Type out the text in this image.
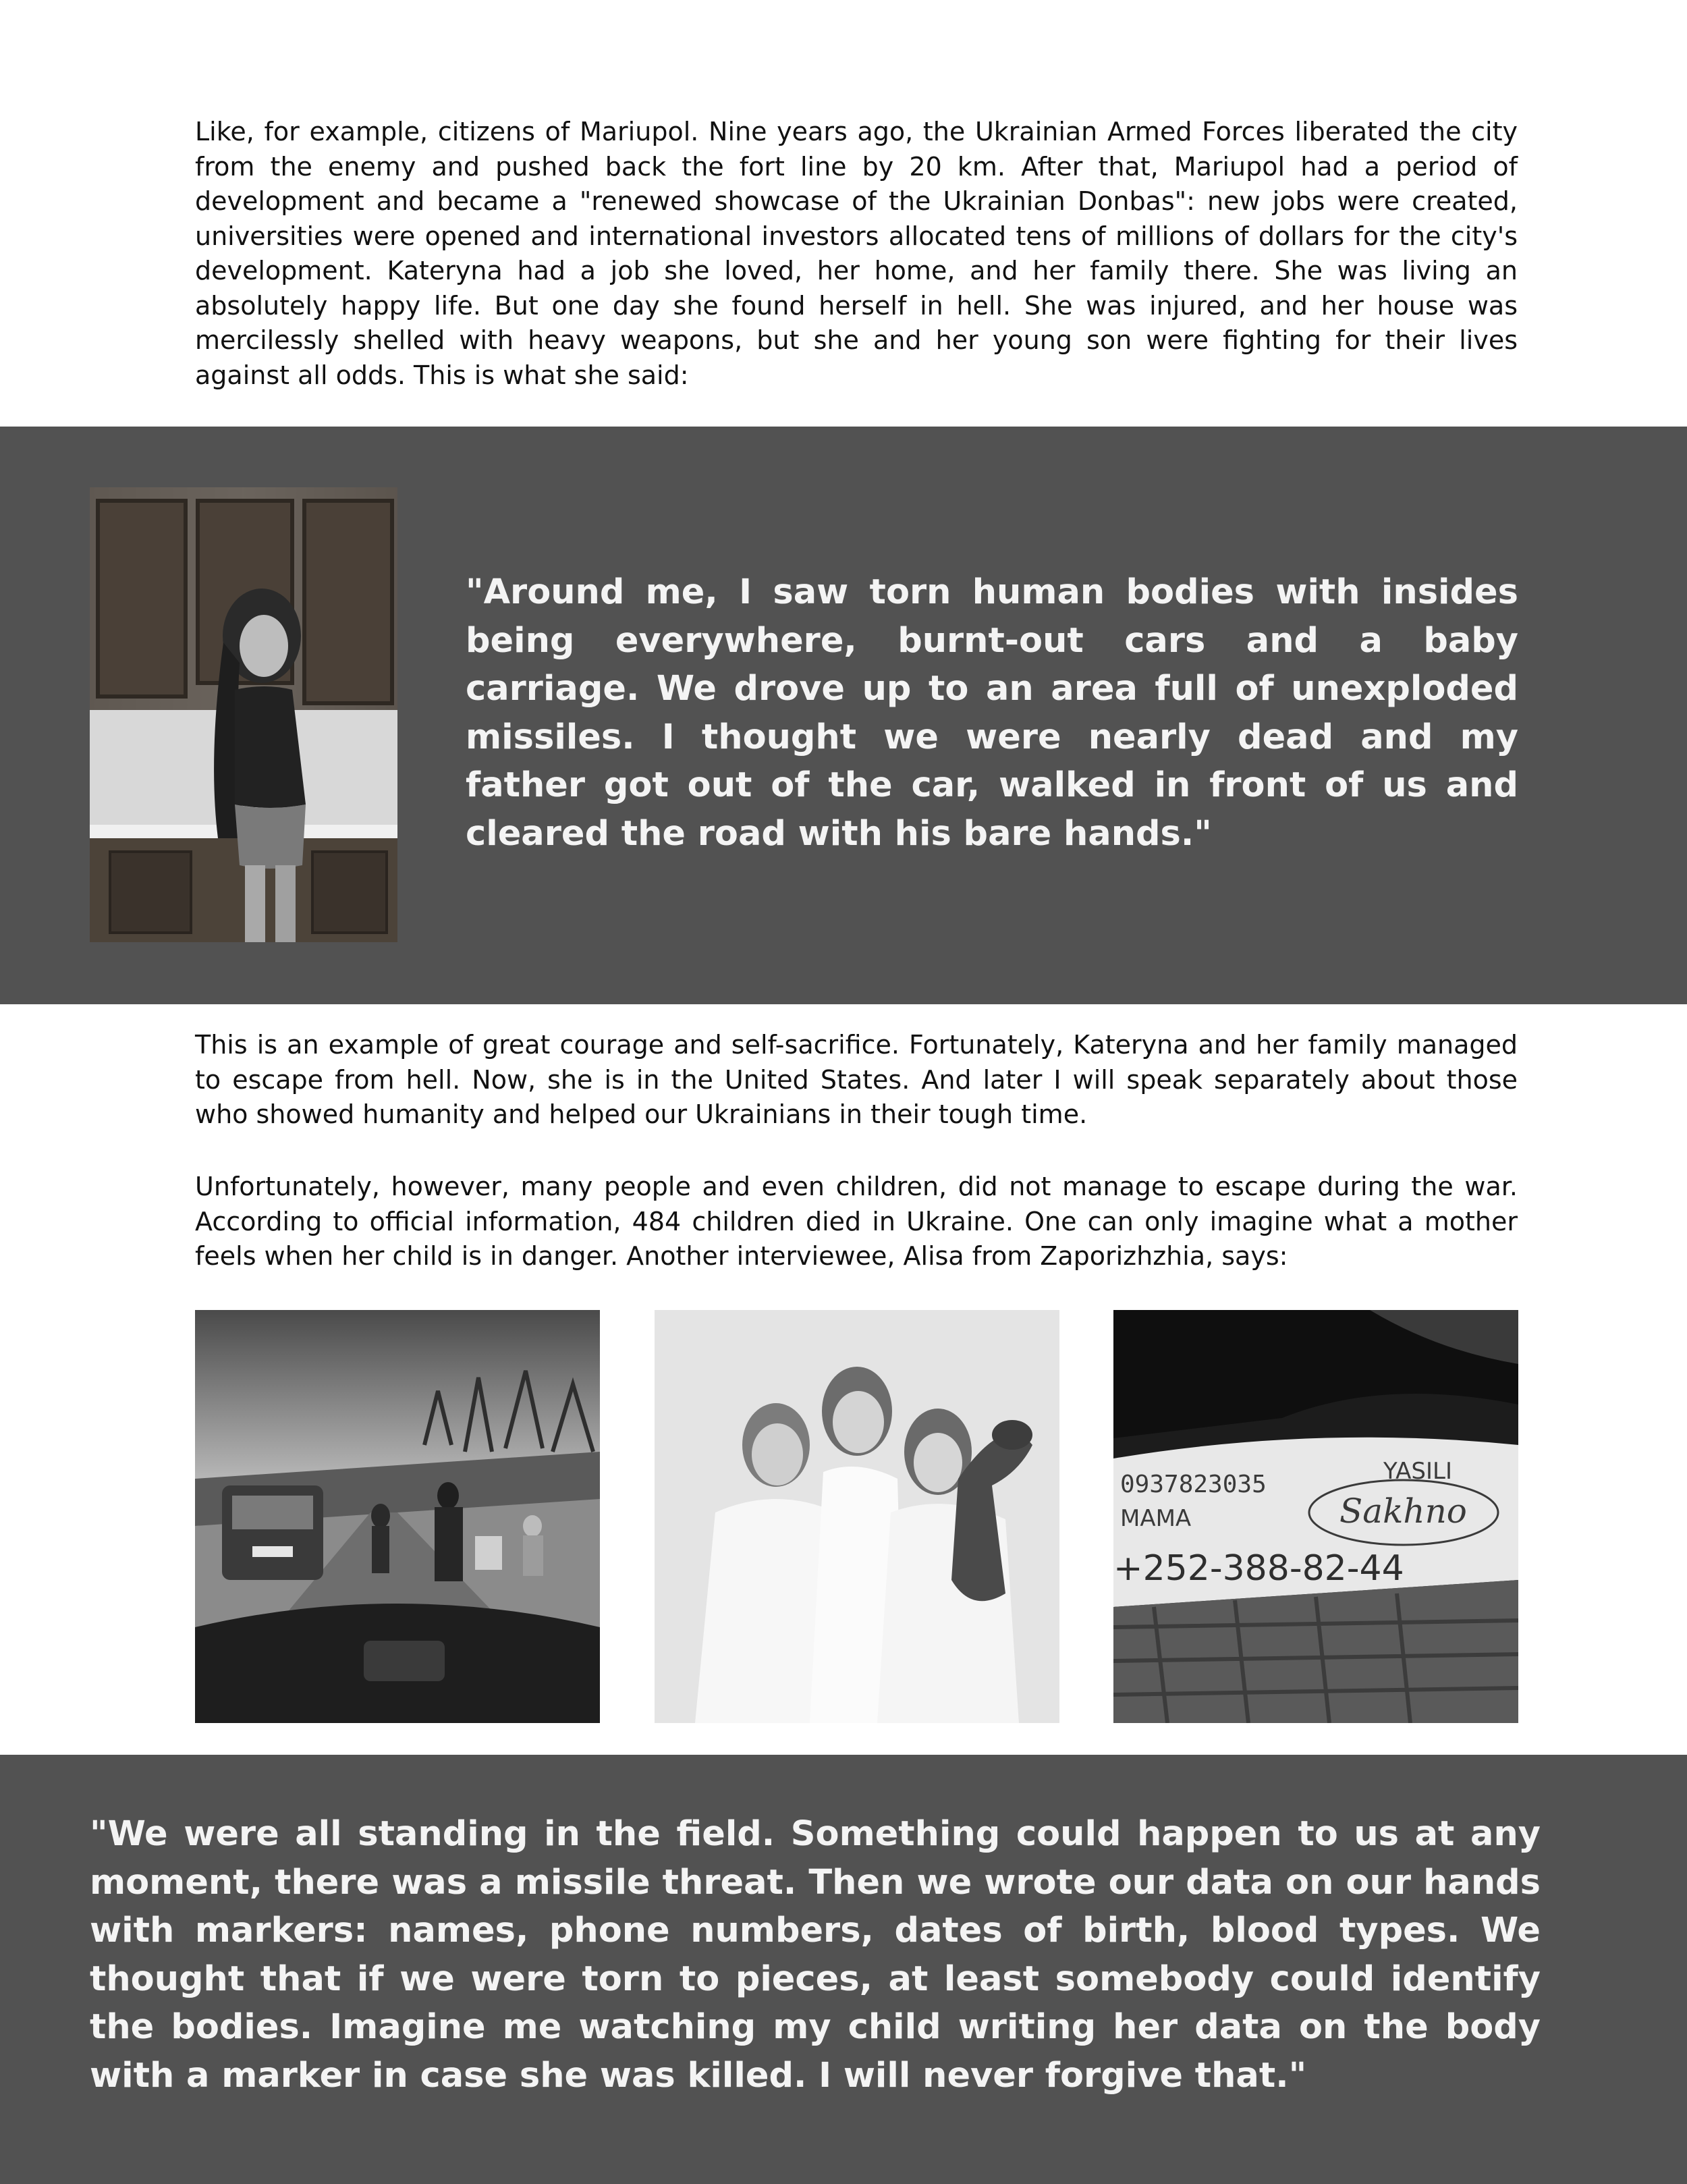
Like, for example, citizens of Mariupol. Nine years ago, the Ukrainian Armed Forces liberated the city from the enemy and pushed back the fort line by 20 km. After that, Mariupol had a period of development and became a "renewed showcase of the Ukrainian Donbas": new jobs were created, universities were opened and international investors allocated tens of millions of dollars for the city's development. Kateryna had a job she loved, her home, and her family there. She was living an absolutely happy life. But one day she found herself in hell. She was injured, and her house was mercilessly shelled with heavy weapons, but she and her young son were fighting for their lives against all odds. This is what she said:

"Around me, I saw torn human bodies with insides being everywhere, burnt-out cars and a baby carriage. We drove up to an area full of unexploded missiles. I thought we were nearly dead and my father got out of the car, walked in front of us and cleared the road with his bare hands."

This is an example of great courage and self-sacrifice. Fortunately, Kateryna and her family managed to escape from hell. Now, she is in the United States. And later I will speak separately about those who showed humanity and helped our Ukrainians in their tough time.

Unfortunately, however, many people and even children, did not manage to escape during the war. According to official information, 484 children died in Ukraine. One can only imagine what a mother feels when her child is in danger. Another interviewee, Alisa from Zaporizhzhia, says:

0937823035	YASILI
МАМА	Sakhno
+252-388-82-44

"We were all standing in the field. Something could happen to us at any moment, there was a missile threat. Then we wrote our data on our hands with markers: names, phone numbers, dates of birth, blood types. We thought that if we were torn to pieces, at least somebody could identify the bodies. Imagine me watching my child writing her data on the body with a marker in case she was killed. I will never forgive that."
